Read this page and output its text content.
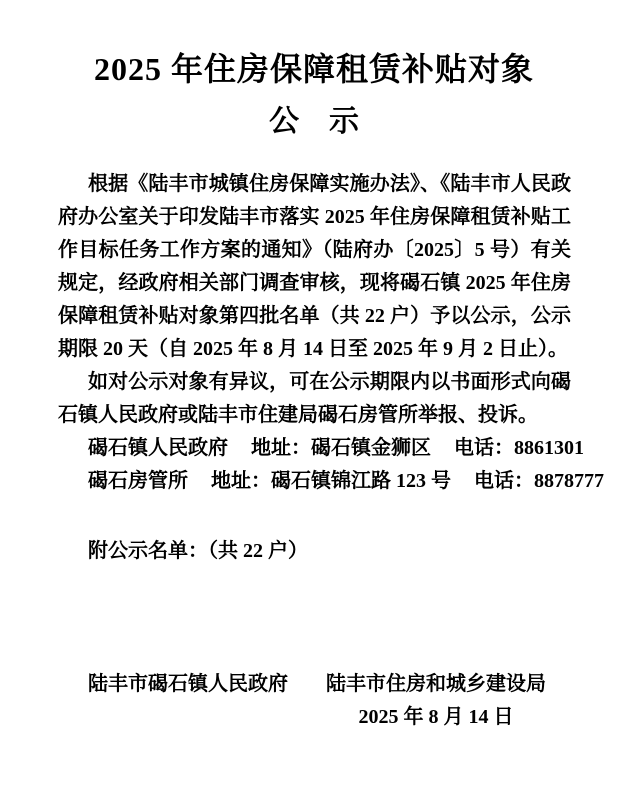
2025 年住房保障租赁补贴对象
公　示

根据《陆丰市城镇住房保障实施办法》、《陆丰市人民政府办公室关于印发陆丰市落实 2025 年住房保障租赁补贴工作目标任务工作方案的通知》（陆府办〔2025〕5 号）有关规定，经政府相关部门调查审核，现将碣石镇 2025 年住房保障租赁补贴对象第四批名单（共 22 户）予以公示，公示期限 20 天（自 2025 年 8 月 14 日至 2025 年 9 月 2 日止）。

如对公示对象有异议，可在公示期限内以书面形式向碣石镇人民政府或陆丰市住建局碣石房管所举报、投诉。

碣石镇人民政府 地址：碣石镇金狮区 电话：8861301

碣石房管所 地址：碣石镇锦江路 123 号 电话：8878777

附公示名单：（共 22 户）

陆丰市碣石镇人民政府 陆丰市住房和城乡建设局
2025 年 8 月 14 日
